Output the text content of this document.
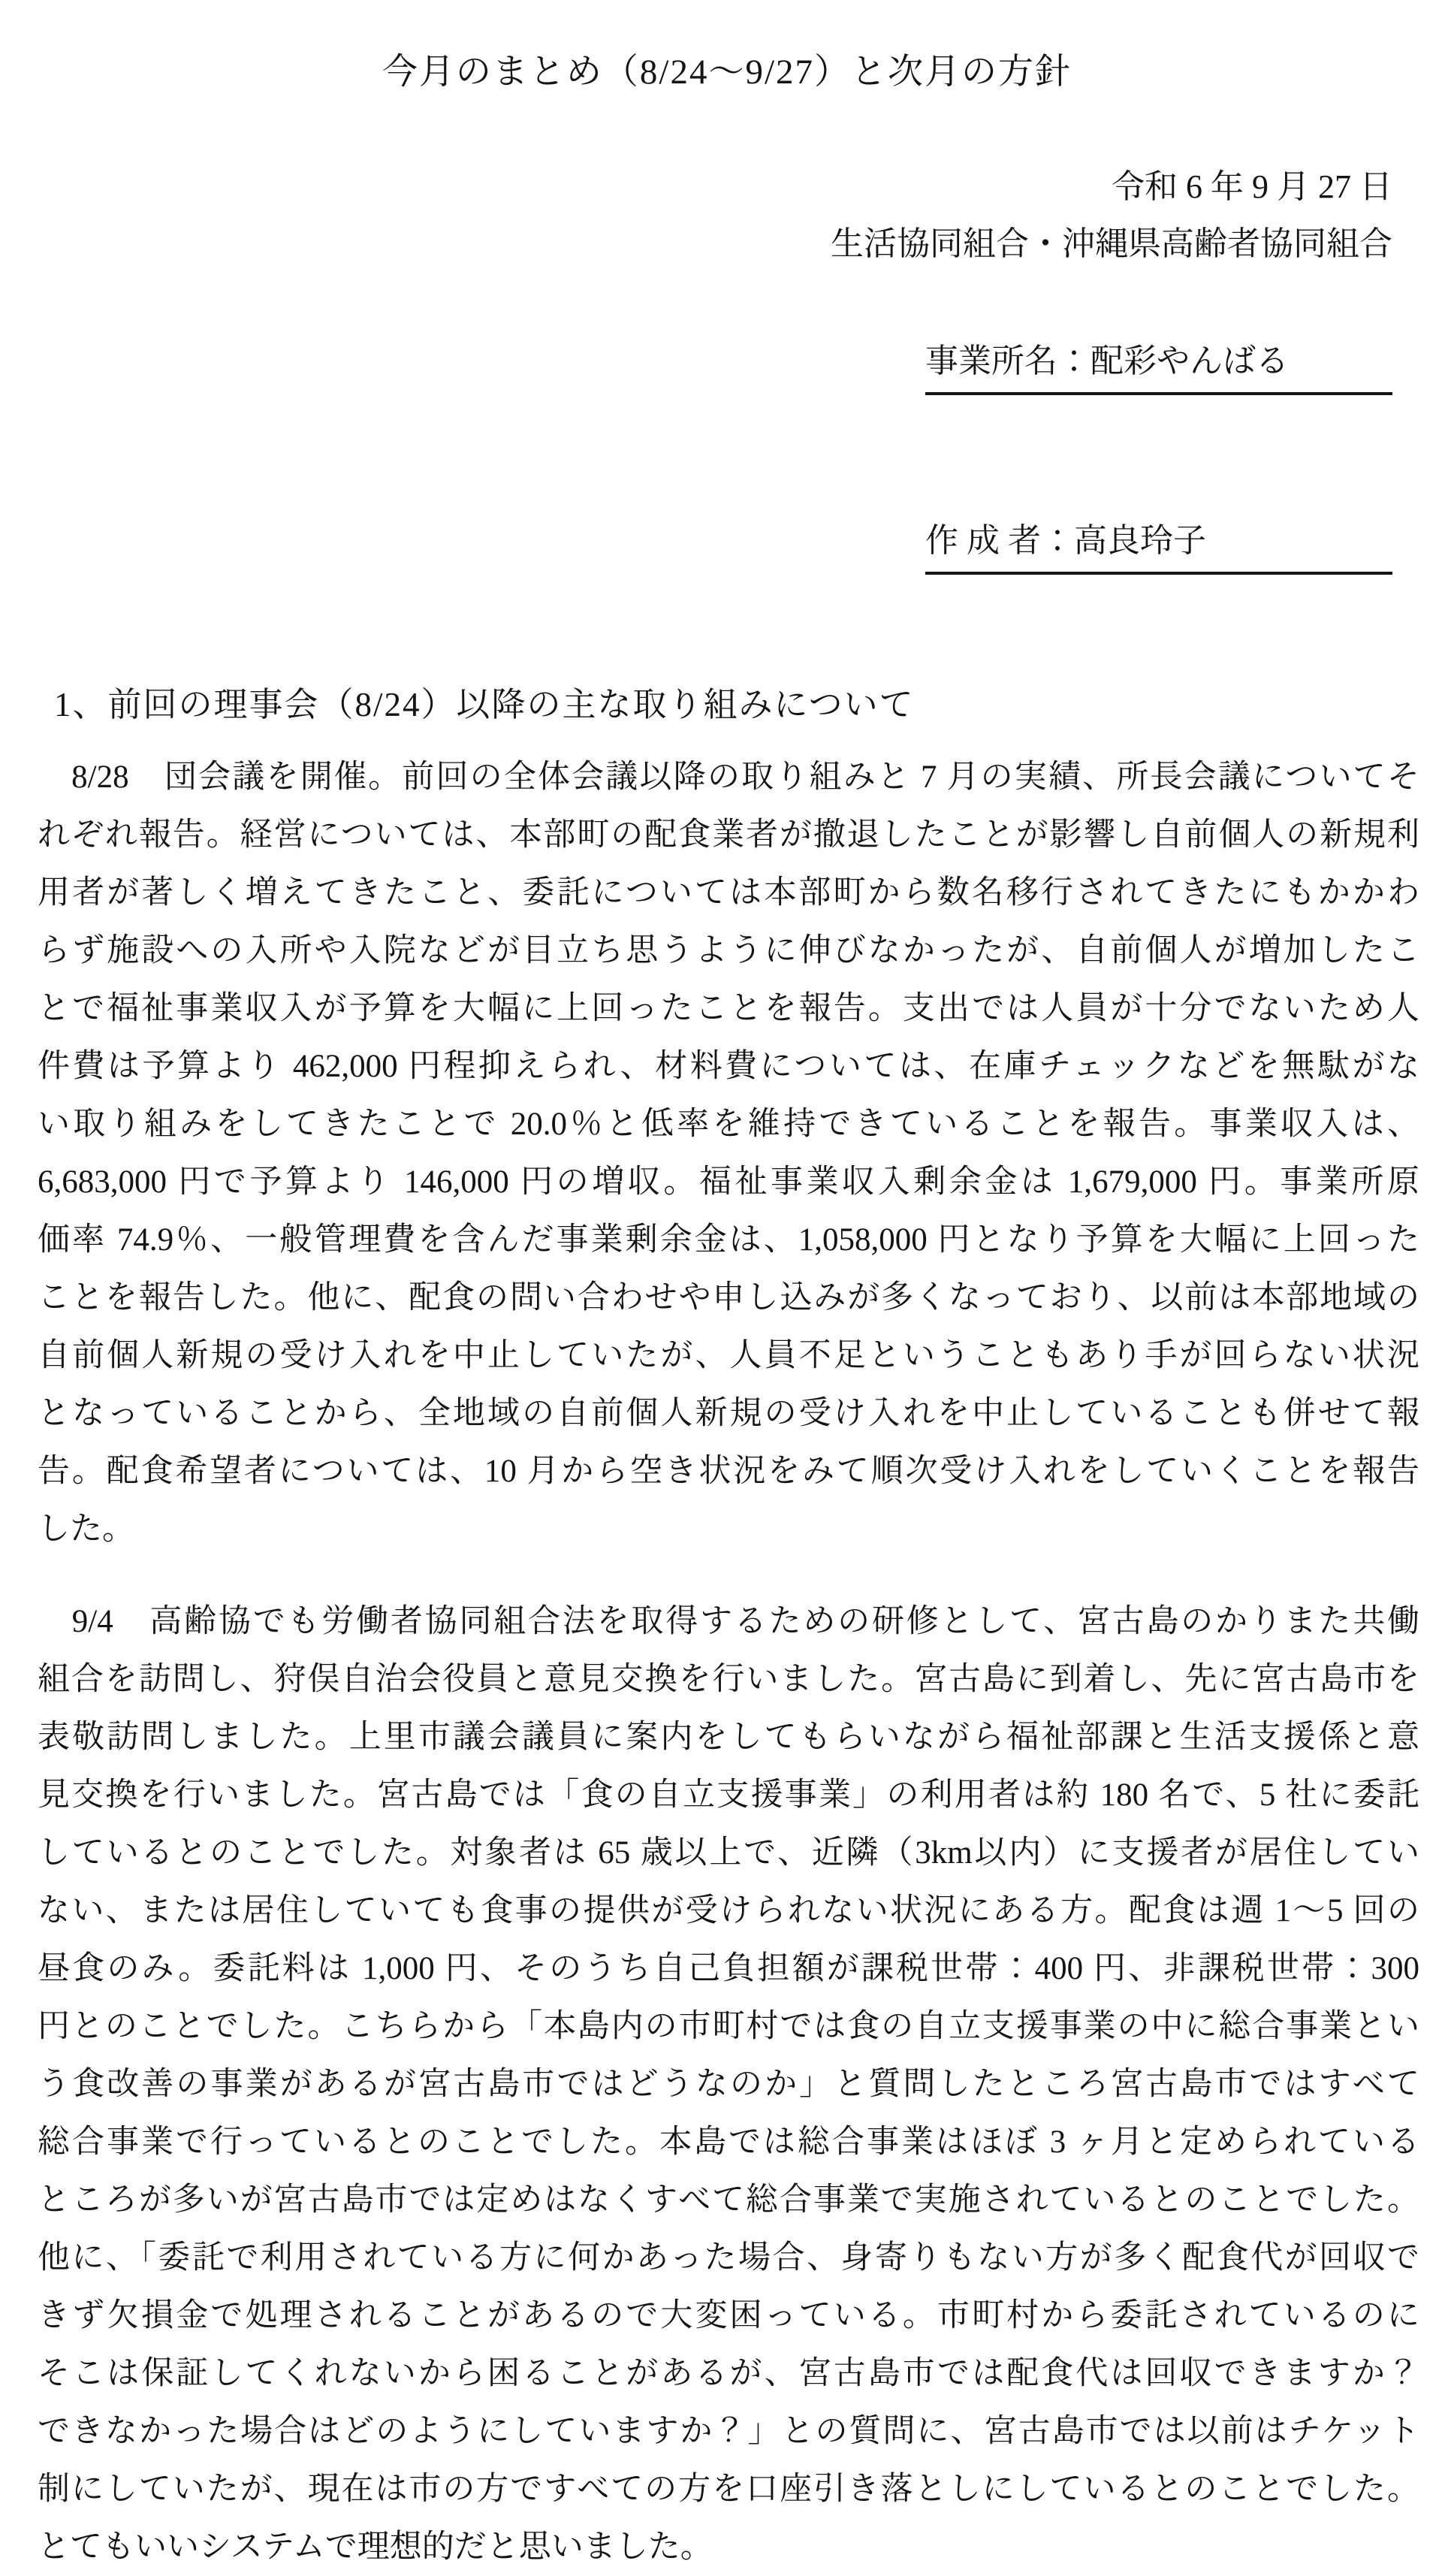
今月のまとめ（8/24～9/27）と次月の方針
令和 6 年 9 月 27 日
生活協同組合・沖縄県高齢者協同組合

事業所名：配彩やんばる

作 成 者：高良玲子

1、前回の理事会（8/24）以降の主な取り組みについて
　8/28　団会議を開催。前回の全体会議以降の取り組みと 7 月の実績、所長会議についてそ
れぞれ報告。経営については、本部町の配食業者が撤退したことが影響し自前個人の新規利
用者が著しく増えてきたこと、委託については本部町から数名移行されてきたにもかかわ
らず施設への入所や入院などが目立ち思うように伸びなかったが、自前個人が増加したこ
とで福祉事業収入が予算を大幅に上回ったことを報告。支出では人員が十分でないため人
件費は予算より 462,000 円程抑えられ、材料費については、在庫チェックなどを無駄がな
い取り組みをしてきたことで 20.0％と低率を維持できていることを報告。事業収入は、
6,683,000 円で予算より 146,000 円の増収。福祉事業収入剰余金は 1,679,000 円。事業所原
価率 74.9％、一般管理費を含んだ事業剰余金は、1,058,000 円となり予算を大幅に上回った
ことを報告した。他に、配食の問い合わせや申し込みが多くなっており、以前は本部地域の
自前個人新規の受け入れを中止していたが、人員不足ということもあり手が回らない状況
となっていることから、全地域の自前個人新規の受け入れを中止していることも併せて報
告。配食希望者については、10 月から空き状況をみて順次受け入れをしていくことを報告
した。
　9/4　高齢協でも労働者協同組合法を取得するための研修として、宮古島のかりまた共働
組合を訪問し、狩俣自治会役員と意見交換を行いました。宮古島に到着し、先に宮古島市を
表敬訪問しました。上里市議会議員に案内をしてもらいながら福祉部課と生活支援係と意
見交換を行いました。宮古島では「食の自立支援事業」の利用者は約 180 名で、5 社に委託
しているとのことでした。対象者は 65 歳以上で、近隣（3km以内）に支援者が居住してい
ない、または居住していても食事の提供が受けられない状況にある方。配食は週 1～5 回の
昼食のみ。委託料は 1,000 円、そのうち自己負担額が課税世帯：400 円、非課税世帯：300
円とのことでした。こちらから「本島内の市町村では食の自立支援事業の中に総合事業とい
う食改善の事業があるが宮古島市ではどうなのか」と質問したところ宮古島市ではすべて
総合事業で行っているとのことでした。本島では総合事業はほぼ 3 ヶ月と定められている
ところが多いが宮古島市では定めはなくすべて総合事業で実施されているとのことでした。
他に、「委託で利用されている方に何かあった場合、身寄りもない方が多く配食代が回収で
きず欠損金で処理されることがあるので大変困っている。市町村から委託されているのに
そこは保証してくれないから困ることがあるが、宮古島市では配食代は回収できますか？
できなかった場合はどのようにしていますか？」との質問に、宮古島市では以前はチケット
制にしていたが、現在は市の方ですべての方を口座引き落としにしているとのことでした。
とてもいいシステムで理想的だと思いました。
